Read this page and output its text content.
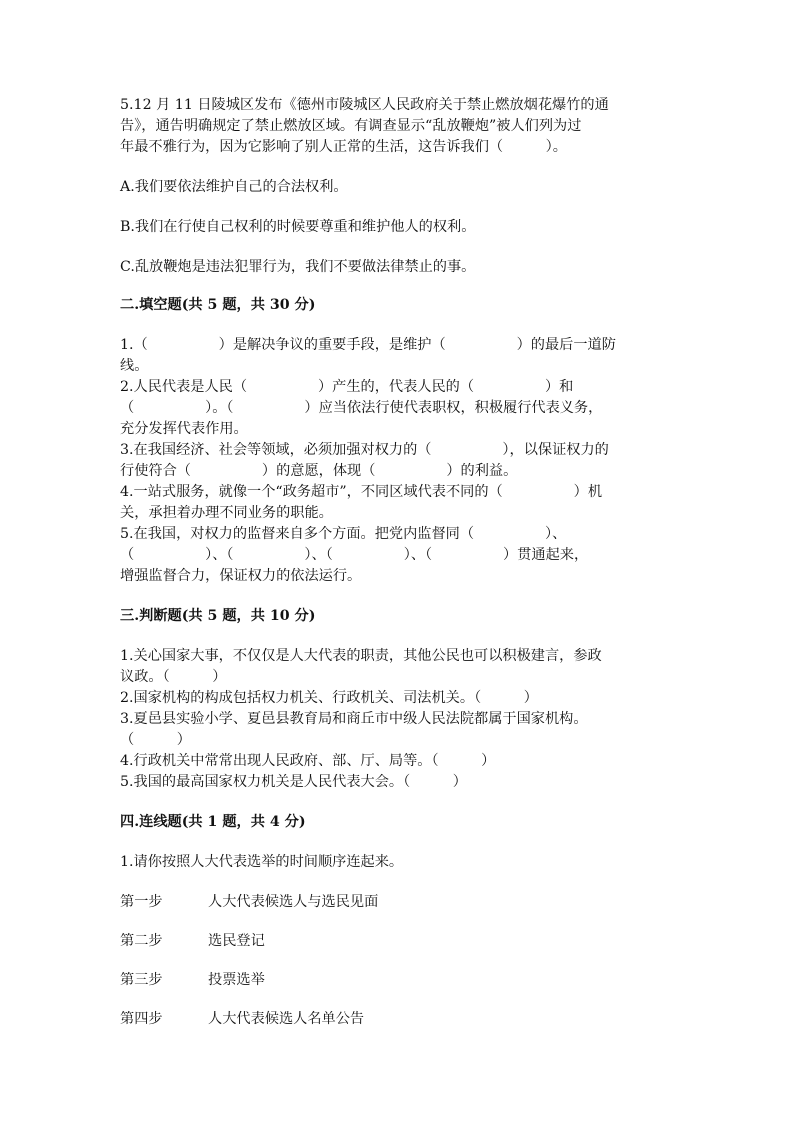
5.12 月 11 日陵城区发布《德州市陵城区人民政府关于禁止燃放烟花爆竹的通

告》，通告明确规定了禁止燃放区域。有调查显示“乱放鞭炮”被人们列为过

年最不雅行为，因为它影响了别人正常的生活，这告诉我们（　　　）。

A.我们要依法维护自己的合法权利。

B.我们在行使自己权利的时候要尊重和维护他人的权利。

C.乱放鞭炮是违法犯罪行为，我们不要做法律禁止的事。

二.填空题(共 5 题，共 30 分)

1.（　　　　　）是解决争议的重要手段，是维护（　　　　　）的最后一道防

线。

2.人民代表是人民（　　　　　）产生的，代表人民的（　　　　　）和

（　　　　　）。（　　　　　）应当依法行使代表职权，积极履行代表义务，

充分发挥代表作用。

3.在我国经济、社会等领域，必须加强对权力的（　　　　　），以保证权力的

行使符合（　　　　　）的意愿，体现（　　　　　）的利益。

4.一站式服务，就像一个“政务超市”，不同区域代表不同的（　　　　　）机

关，承担着办理不同业务的职能。

5.在我国，对权力的监督来自多个方面。把党内监督同（　　　　　）、

（　　　　　）、（　　　　　）、（　　　　　）、（　　　　　）贯通起来，

增强监督合力，保证权力的依法运行。

三.判断题(共 5 题，共 10 分)

1.关心国家大事，不仅仅是人大代表的职责，其他公民也可以积极建言，参政

议政。（　　　）

2.国家机构的构成包括权力机关、行政机关、司法机关。（　　　）

3.夏邑县实验小学、夏邑县教育局和商丘市中级人民法院都属于国家机构。

（　　　）

4.行政机关中常常出现人民政府、部、厅、局等。（　　　）

5.我国的最高国家权力机关是人民代表大会。（　　　）

四.连线题(共 1 题，共 4 分)

1.请你按照人大代表选举的时间顺序连起来。

第一步	人大代表候选人与选民见面
第二步	选民登记
第三步	投票选举
第四步	人大代表候选人名单公告
